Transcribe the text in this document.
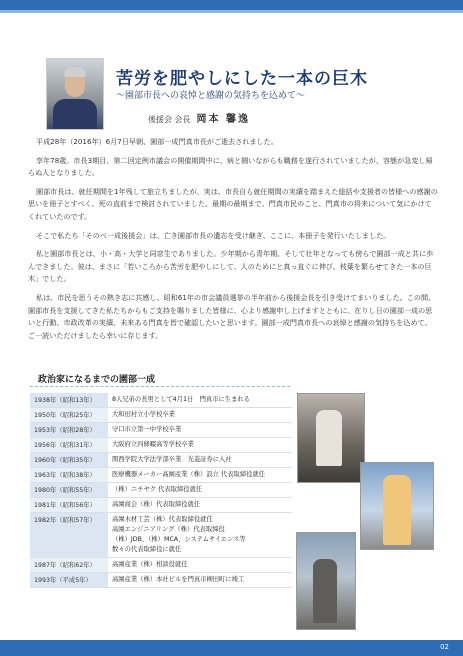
苦労を肥やしにした一本の巨木
～園部市長への哀悼と感謝の気持ちを込めて～
後援会 会長 岡本 馨逸

平成28年（2016年）6月7日早朝、園部一成門真市長がご逝去されました。

享年78歳。市長3期目、第二回定例市議会の開催期間中に、病と闘いながらも職務を遂行されていましたが、容態が急変し帰らぬ人となりました。

園部市長は、就任期間を1年残して旅立ちましたが、実は、市長自ら就任期間の実績を踏まえた総括や支援者の皆様への感謝の思いを冊子とすべく、死の直前まで検討されていました。最期の最期まで、門真市民のこと、門真市の将来について気にかけてくれていたのです。

そこで私たち「そのべ一成後援会」は、亡き園部市長の遺志を受け継ぎ、ここに、本冊子を発行いたしました。

私と園部市長とは、小・高・大学と同窓生でありました。少年期から青年期、そして壮年となっても傍らで園部一成と共に歩んできました。彼は、まさに「若いころから苦労を肥やしにして、人のためにと真っ直ぐに伸び、枝葉を繁らせてきた一本の巨木」でした。

私は、市民を思うその熱き志に共感し、昭和61年の市会議員選挙の半年前から後援会長を引き受けてまいりました。この間、園部市長を支援してきた私たちからもご支持を賜りました皆様に、心より感謝申し上げますとともに、在りし日の園部一成の思いと行動、市政改革の実績、未来ある門真を皆で確認したいと思います。園部一成門真市長への哀悼と感謝の気持ちを込めて、ご一読いただけましたら幸いに存じます。

政治家になるまでの園部一成
1938年（昭和13年）	8人兄弟の長男として4月1日　門真市に生まれる

1950年（昭和25年）	大和田村立小学校卒業

1953年（昭和28年）	守口市立第一中学校卒業

1956年（昭和31年）	大阪府立四條畷高等学校卒業

1960年（昭和35年）	関西学院大学法学部卒業　光菱証券に入社

1963年（昭和38年）	医療機器メーカー高園産業（株）設立 代表取締役就任

1980年（昭和55年）	（株）ニチヤク 代表取締役就任

1981年（昭和56年）	高園商会（株）代表取締役就任

1982年（昭和57年）	高園木材工芸（株）代表取締役就任
高園エンジニアリング（株）代表取締役
（株）JDB、（株）MCA、システムサイエンス等
数々の代表取締役に就任

1987年（昭和62年）	高園産業（株）相談役就任

1993年（平成5年）	高園産業（株）本社ビルを門真市柳田町に竣工
02
